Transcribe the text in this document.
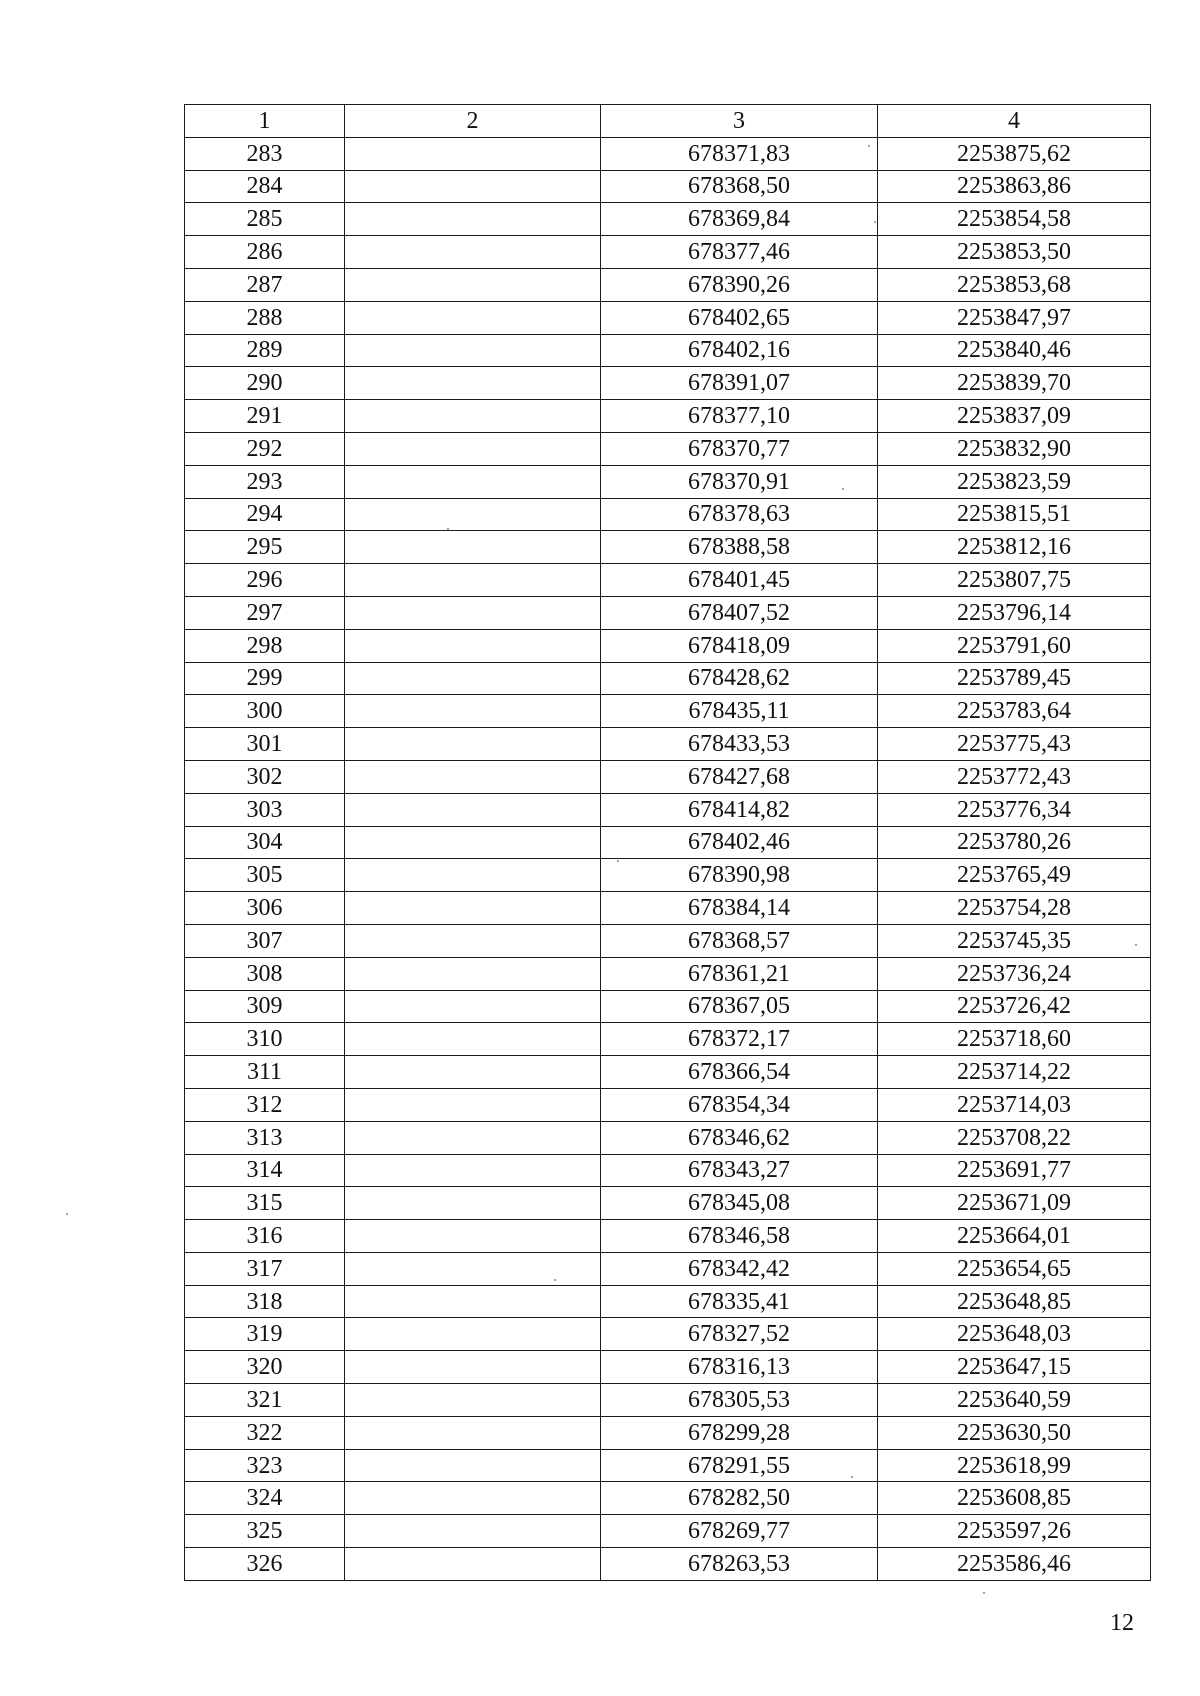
1	2	3	4
283		678371,83	2253875,62
284		678368,50	2253863,86
285		678369,84	2253854,58
286		678377,46	2253853,50
287		678390,26	2253853,68
288		678402,65	2253847,97
289		678402,16	2253840,46
290		678391,07	2253839,70
291		678377,10	2253837,09
292		678370,77	2253832,90
293		678370,91	2253823,59
294		678378,63	2253815,51
295		678388,58	2253812,16
296		678401,45	2253807,75
297		678407,52	2253796,14
298		678418,09	2253791,60
299		678428,62	2253789,45
300		678435,11	2253783,64
301		678433,53	2253775,43
302		678427,68	2253772,43
303		678414,82	2253776,34
304		678402,46	2253780,26
305		678390,98	2253765,49
306		678384,14	2253754,28
307		678368,57	2253745,35
308		678361,21	2253736,24
309		678367,05	2253726,42
310		678372,17	2253718,60
311		678366,54	2253714,22
312		678354,34	2253714,03
313		678346,62	2253708,22
314		678343,27	2253691,77
315		678345,08	2253671,09
316		678346,58	2253664,01
317		678342,42	2253654,65
318		678335,41	2253648,85
319		678327,52	2253648,03
320		678316,13	2253647,15
321		678305,53	2253640,59
322		678299,28	2253630,50
323		678291,55	2253618,99
324		678282,50	2253608,85
325		678269,77	2253597,26
326		678263,53	2253586,46
12
